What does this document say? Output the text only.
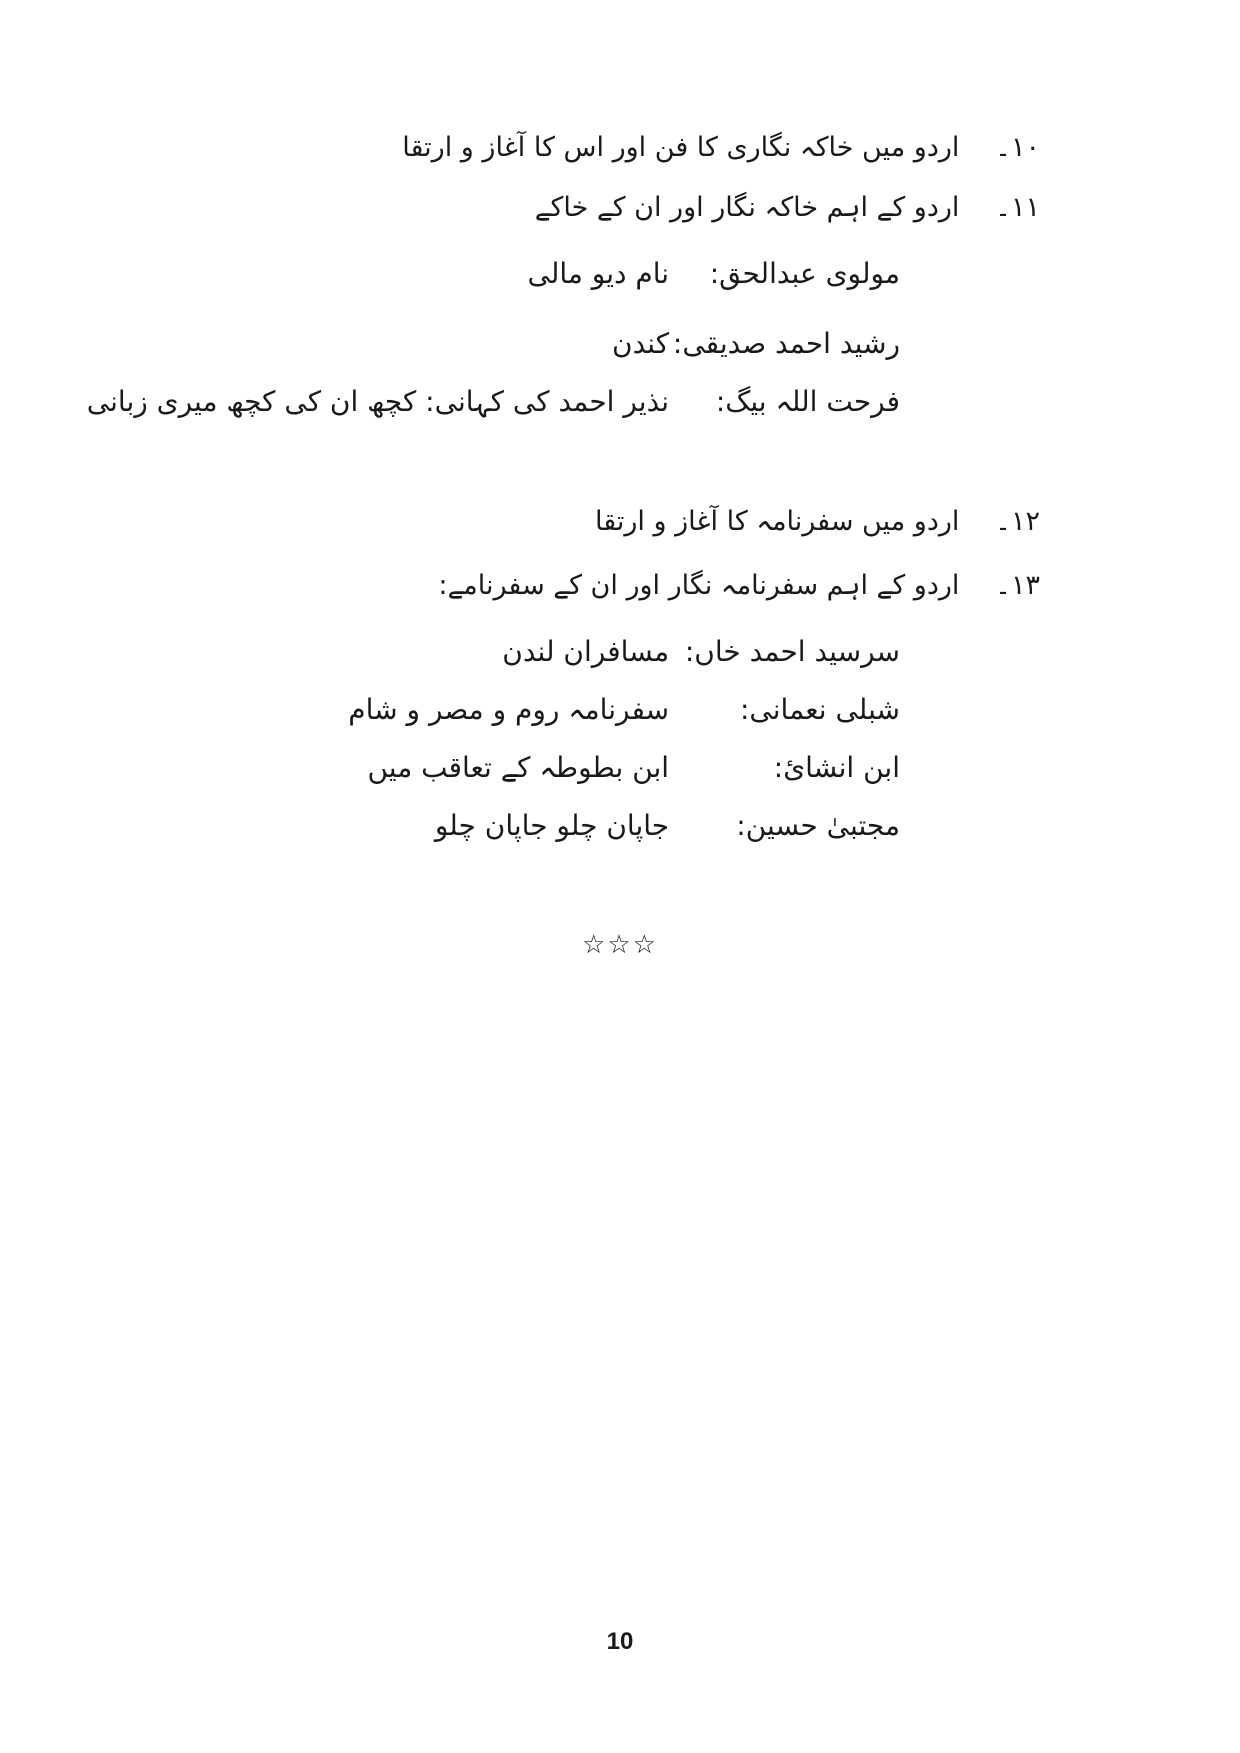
۱۰۔ اردو میں خاکہ نگاری کا فن اور اس کا آغاز و ارتقا
۱۱۔ اردو کے اہم خاکہ نگار اور ان کے خاکے
مولوی عبدالحق: نام دیو مالی
رشید احمد صدیقی: کندن
فرحت اللہ بیگ: نذیر احمد کی کہانی: کچھ ان کی کچھ میری زبانی
۱۲۔ اردو میں سفرنامہ کا آغاز و ارتقا
۱۳۔ اردو کے اہم سفرنامہ نگار اور ان کے سفرنامے:
سرسید احمد خاں: مسافران لندن
شبلی نعمانی: سفرنامہ روم و مصر و شام
ابن انشائ: ابن بطوطہ کے تعاقب میں
مجتبیٰ حسین: جاپان چلو جاپان چلو
☆☆☆
10
